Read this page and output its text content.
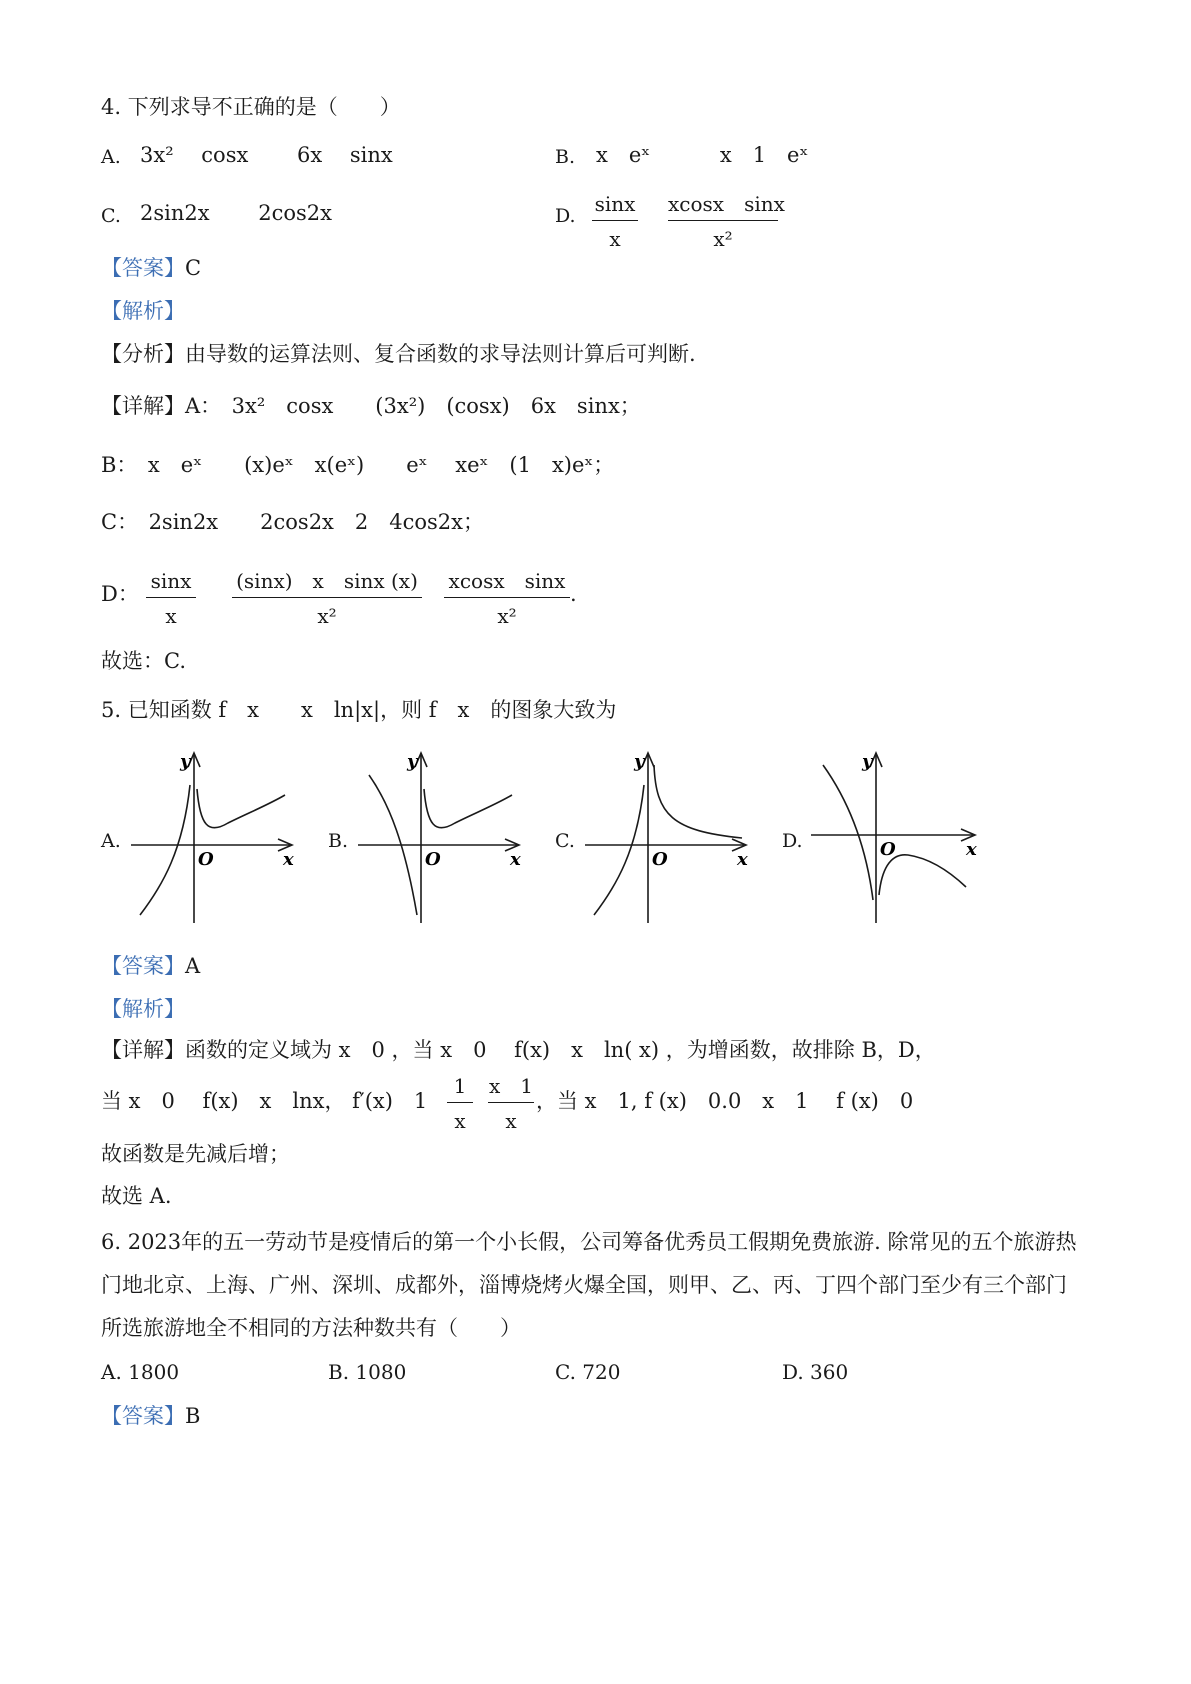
4. 下列求导不正确的是（　　）
A. 3x² 　cosx 　　6x 　sinx	B. x　eˣ 　　　x　1　eˣ
C. 2sin2x 　　2cos2x	D. sinx
x
xcosx　sinx
x²
【答案】C
【解析】
【分析】由导数的运算法则、复合函数的求导法则计算后可判断.
【详解】A：　3x²　cosx　　(3x²)　(cosx)　6x　sinx；
B：　x　eˣ　　(x)eˣ　x(eˣ)　　eˣ　 xeˣ　(1　x)eˣ；
C：　2sin2x　　2cos2x　2　4cos2x；
D：
sinx
x
(sinx)　x　sinx (x)
x²
xcosx　sinx
x²
.
故选：C.
5. 已知函数 f　x　　x　ln|x|，则 f　x　的图象大致为
A.
y
x
O
B.
y
x
O
C.
y
x
O
D.
y
x
O
【答案】A
【解析】
【详解】函数的定义域为 x　0 ，当 x　0　 f(x)　x　ln( x) ，为增函数，故排除 B，D，
当 x　0　 f(x)　x　lnx， f′(x)　1
1
x
x　1
x
，当 x　1, f (x)　0.0　x　1　 f (x)　0
故函数是先减后增；
故选 A.
6. 2023年的五一劳动节是疫情后的第一个小长假，公司筹备优秀员工假期免费旅游. 除常见的五个旅游热
门地北京、上海、广州、深圳、成都外，淄博烧烤火爆全国，则甲、乙、丙、丁四个部门至少有三个部门
所选旅游地全不相同的方法种数共有（　　）
A. 1800	B. 1080	C. 720	D. 360
【答案】B
